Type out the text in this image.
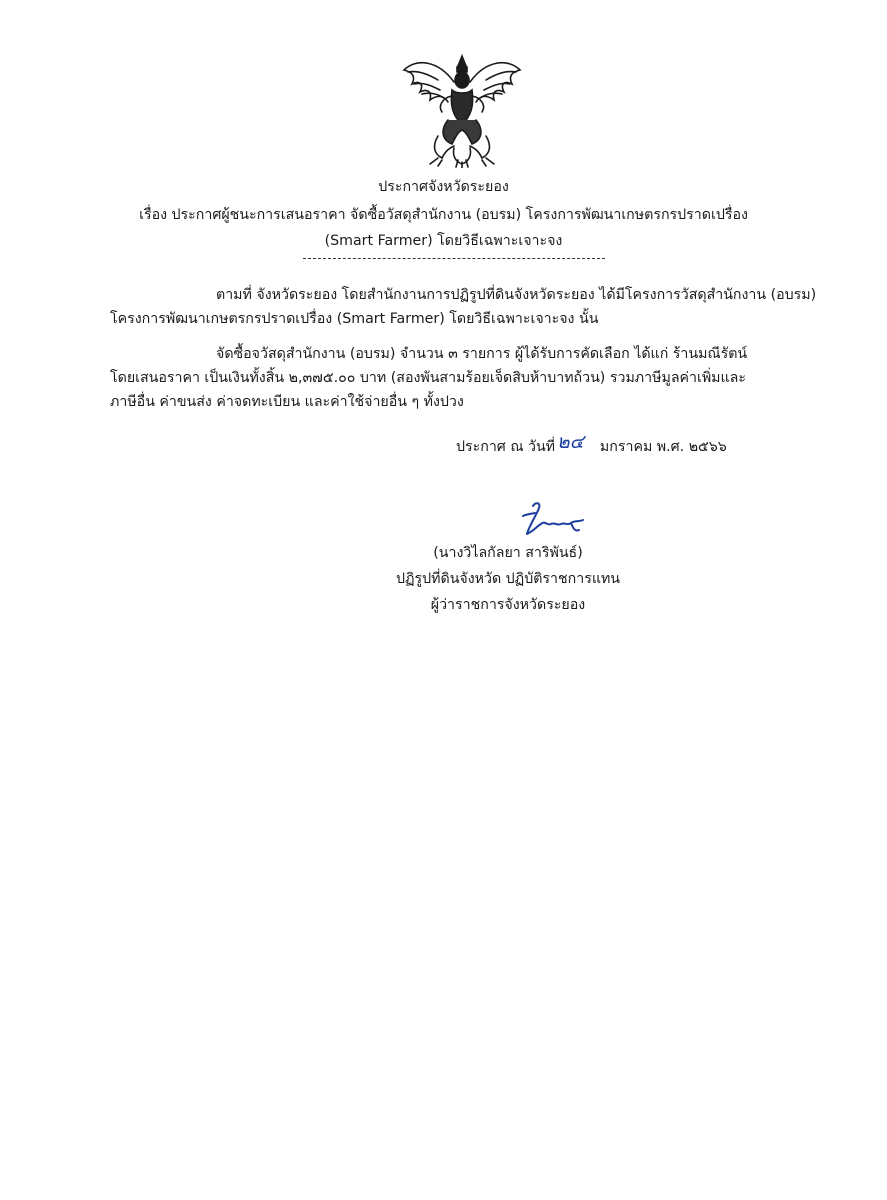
ประกาศจังหวัดระยอง
เรื่อง ประกาศผู้ชนะการเสนอราคา จัดซื้อวัสดุสำนักงาน (อบรม) โครงการพัฒนาเกษตรกรปราดเปรื่อง
(Smart Farmer) โดยวิธีเฉพาะเจาะจง
ตามที่ จังหวัดระยอง โดยสำนักงานการปฏิรูปที่ดินจังหวัดระยอง ได้มีโครงการวัสดุสำนักงาน (อบรม)
โครงการพัฒนาเกษตรกรปราดเปรื่อง (Smart Farmer) โดยวิธีเฉพาะเจาะจง นั้น
จัดซื้อจวัสดุสำนักงาน (อบรม) จำนวน ๓ รายการ ผู้ได้รับการคัดเลือก ได้แก่ ร้านมณีรัตน์
โดยเสนอราคา เป็นเงินทั้งสิ้น ๒,๓๗๕.๐๐ บาท (สองพันสามร้อยเจ็ดสิบห้าบาทถ้วน) รวมภาษีมูลค่าเพิ่มและ
ภาษีอื่น ค่าขนส่ง ค่าจดทะเบียน และค่าใช้จ่ายอื่น ๆ ทั้งปวง
ประกาศ ณ วันที่ ๒๔ มกราคม พ.ศ. ๒๕๖๖
(นางวิไลกัลยา สาริพันธ์)
ปฏิรูปที่ดินจังหวัด ปฏิบัติราชการแทน
ผู้ว่าราชการจังหวัดระยอง
